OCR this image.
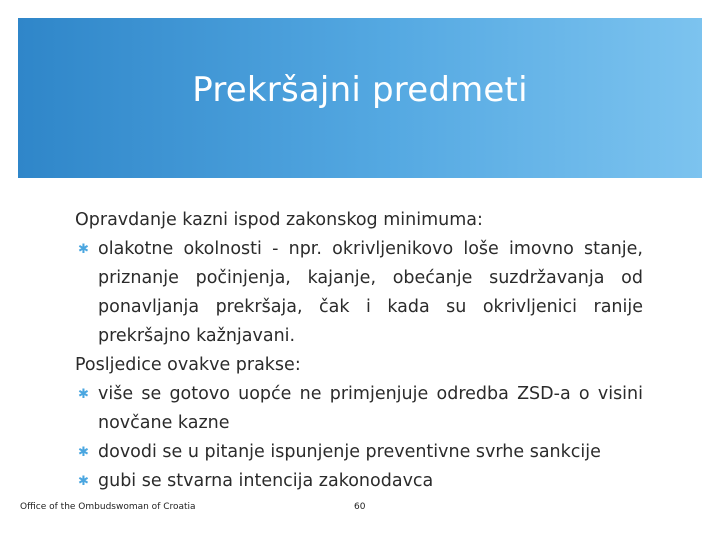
Prekršajni predmeti

Opravdanje kazni ispod zakonskog minimuma:

✱ olakotne okolnosti - npr. okrivljenikovo loše imovno stanje, priznanje počinjenja, kajanje, obećanje suzdržavanja od ponavljanja prekršaja, čak i kada su okrivljenici ranije prekršajno kažnjavani.

Posljedice ovakve prakse:

✱ više se gotovo uopće ne primjenjuje odredba ZSD-a o visini novčane kazne
✱ dovodi se u pitanje ispunjenje preventivne svrhe sankcije
✱ gubi se stvarna intencija zakonodavca
Office of the Ombudswoman of Croatia	60
